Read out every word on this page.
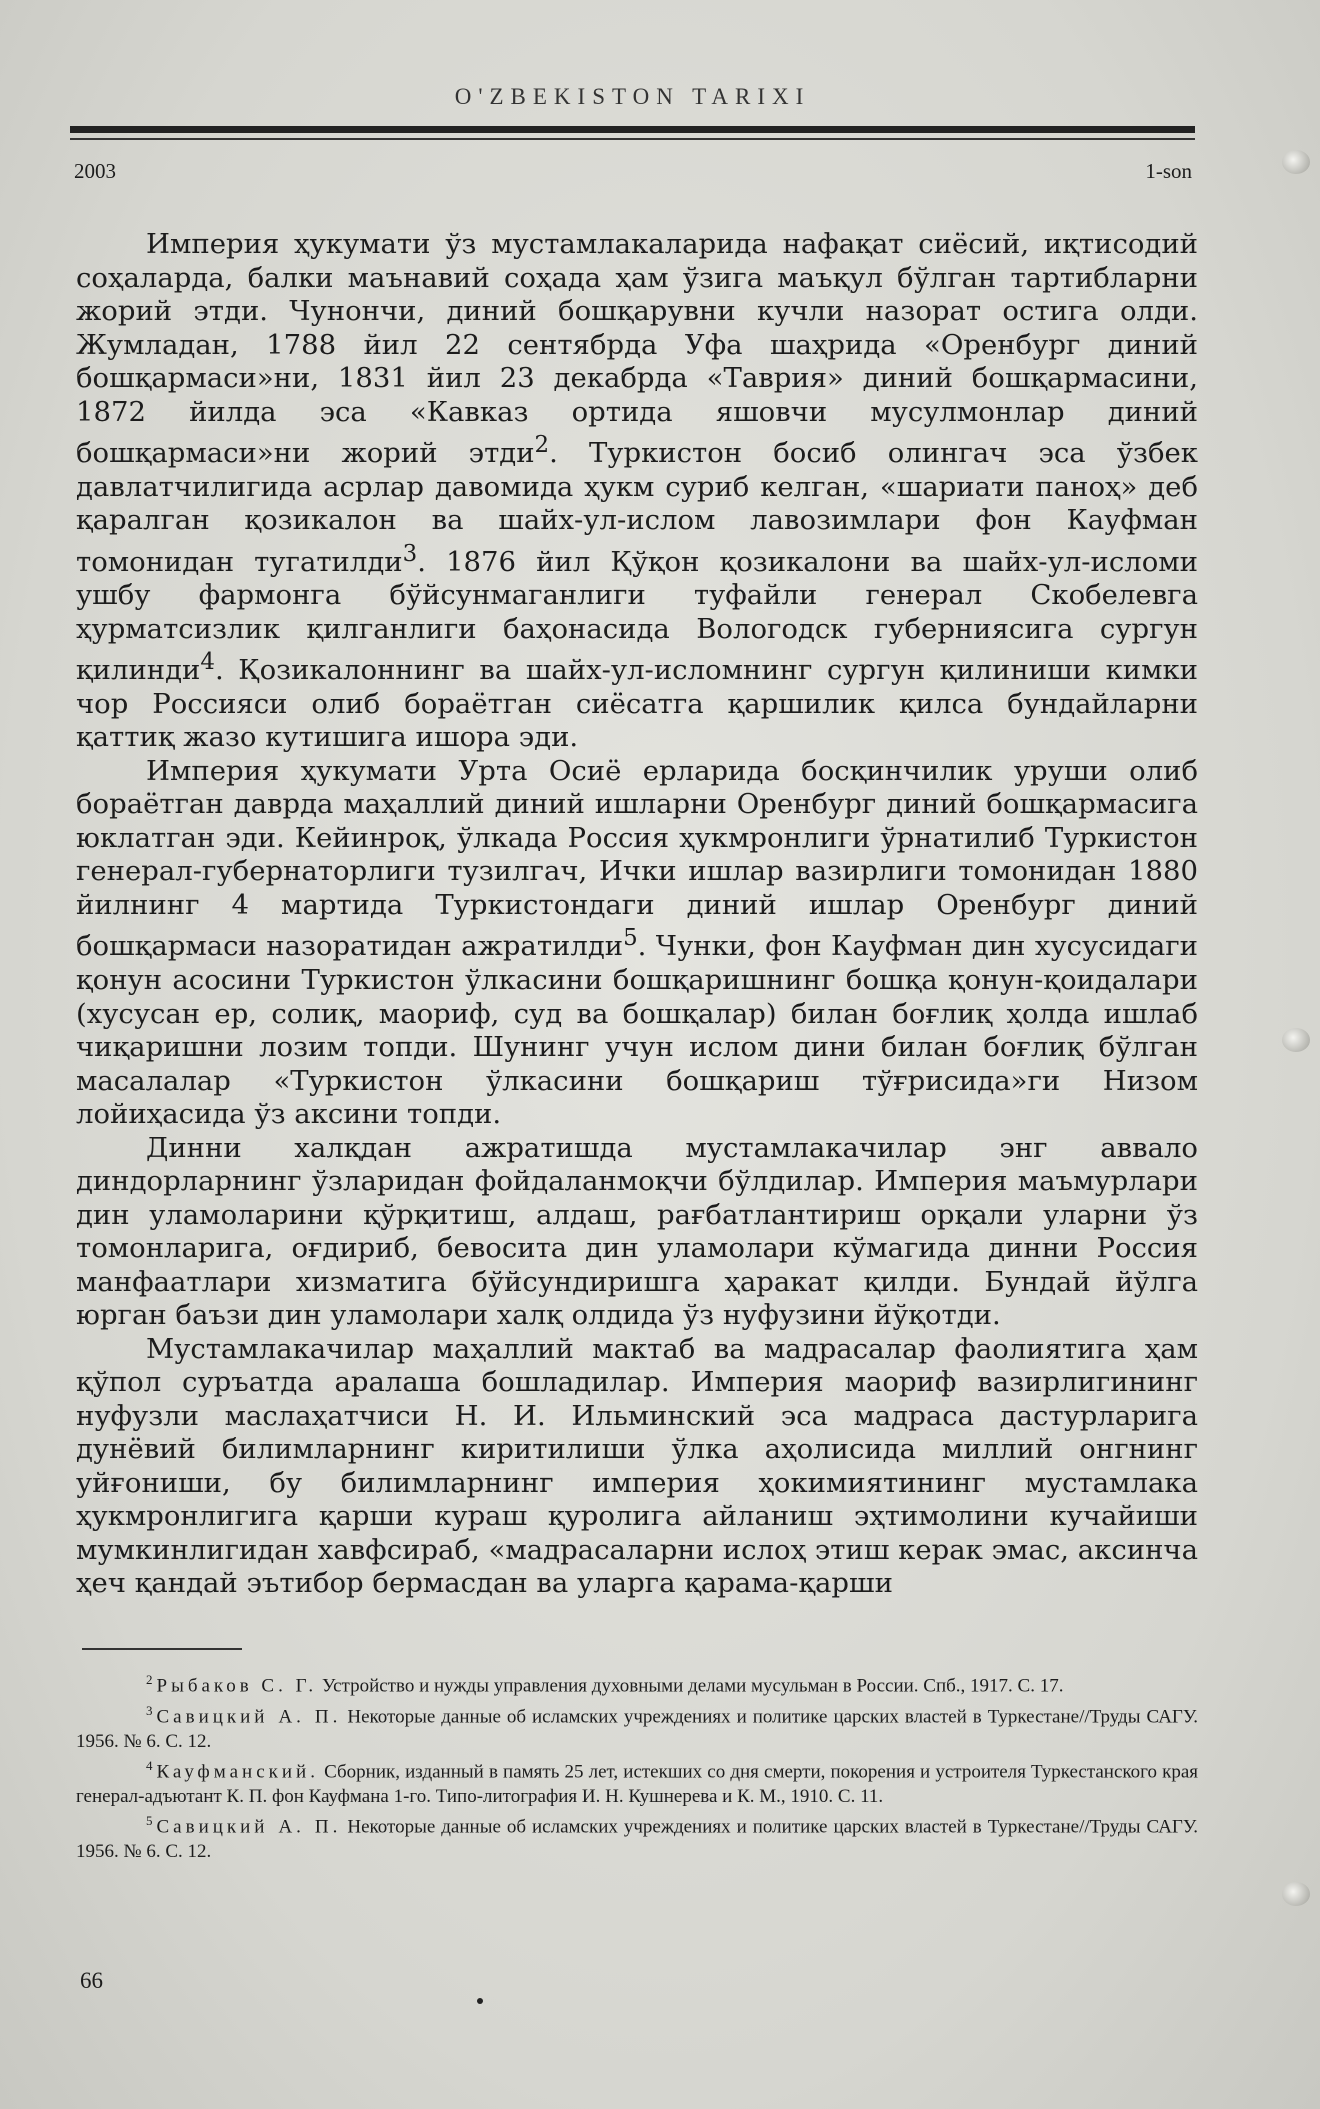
O'ZBEKISTON TARIXI
2003	1-son

Империя ҳукумати ўз мустамлакаларида нафақат сиёсий, иқтисодий соҳаларда, балки маънавий соҳада ҳам ўзига маъқул бўлган тартибларни жорий этди. Чунончи, диний бошқарувни кучли назорат остига олди. Жумладан, 1788 йил 22 сентябрда Уфа шаҳрида «Оренбург диний бошқармаси»ни, 1831 йил 23 декабрда «Таврия» диний бошқармасини, 1872 йилда эса «Кавказ ортида яшовчи мусулмонлар диний бошқармаси»ни жорий этди$^2$. Туркистон босиб олингач эса ўзбек давлатчилигида асрлар давомида ҳукм суриб келган, «шариати паноҳ» деб қаралган қозикалон ва шайх-ул-ислом лавозимлари фон Кауфман томонидан тугатилди$^3$. 1876 йил Қўқон қозикалони ва шайх-ул-исломи ушбу фармонга бўйсунмаганлиги туфайли генерал Скобелевга ҳурматсизлик қилганлиги баҳонасида Вологодск губерниясига сургун қилинди$^4$. Қозикалоннинг ва шайх-ул-исломнинг сургун қилиниши кимки чор Россияси олиб бораётган сиёсатга қаршилик қилса бундайларни қаттиқ жазо кутишига ишора эди.

Империя ҳукумати Урта Осиё ерларида босқинчилик уруши олиб бораётган даврда маҳаллий диний ишларни Оренбург диний бошқармасига юклатган эди. Кейинроқ, ўлкада Россия ҳукмронлиги ўрнатилиб Туркистон генерал-губернаторлиги тузилгач, Ички ишлар вазирлиги томонидан 1880 йилнинг 4 мартида Туркистондаги диний ишлар Оренбург диний бошқармаси назоратидан ажратилди$^5$. Чунки, фон Кауфман дин хусусидаги қонун асосини Туркистон ўлкасини бошқаришнинг бошқа қонун-қоидалари (хусусан ер, солиқ, маориф, суд ва бошқалар) билан боғлиқ ҳолда ишлаб чиқаришни лозим топди. Шунинг учун ислом дини билан боғлиқ бўлган масалалар «Туркистон ўлкасини бошқариш тўғрисида»ги Низом лойиҳасида ўз аксини топди.

Динни халқдан ажратишда мустамлакачилар энг аввало диндорларнинг ўзларидан фойдаланмоқчи бўлдилар. Империя маъмурлари дин уламоларини қўрқитиш, алдаш, рағбатлантириш орқали уларни ўз томонларига, оғдириб, бевосита дин уламолари кўмагида динни Россия манфаатлари хизматига бўйсундиришга ҳаракат қилди. Бундай йўлга юрган баъзи дин уламолари халқ олдида ўз нуфузини йўқотди.

Мустамлакачилар маҳаллий мактаб ва мадрасалар фаолиятига ҳам қўпол суръатда аралаша бошладилар. Империя маориф вазирлигининг нуфузли маслаҳатчиси Н. И. Ильминский эса мадраса дастурларига дунёвий билимларнинг киритилиши ўлка аҳолисида миллий онгнинг уйғониши, бу билимларнинг империя ҳокимиятининг мустамлака ҳукмронлигига қарши кураш қуролига айланиш эҳтимолини кучайиши мумкинлигидан хавфсираб, «мадрасаларни ислоҳ этиш керак эмас, аксинча ҳеч қандай эътибор бермасдан ва уларга қарама-қарши

$^2$ Рыбаков С. Г. Устройство и нужды управления духовными делами мусульман в России. Спб., 1917. С. 17.

$^3$ Савицкий А. П. Некоторые данные об исламских учреждениях и политике царских властей в Туркестане//Труды САГУ. 1956. № 6. С. 12.

$^4$ Кауфманский. Сборник, изданный в память 25 лет, истекших со дня смерти, покорения и устроителя Туркестанского края генерал-адъютант К. П. фон Кауфмана 1-го. Типо-литография И. Н. Кушнерева и К. М., 1910. С. 11.

$^5$ Савицкий А. П. Некоторые данные об исламских учреждениях и политике царских властей в Туркестане//Труды САГУ. 1956. № 6. С. 12.

66
